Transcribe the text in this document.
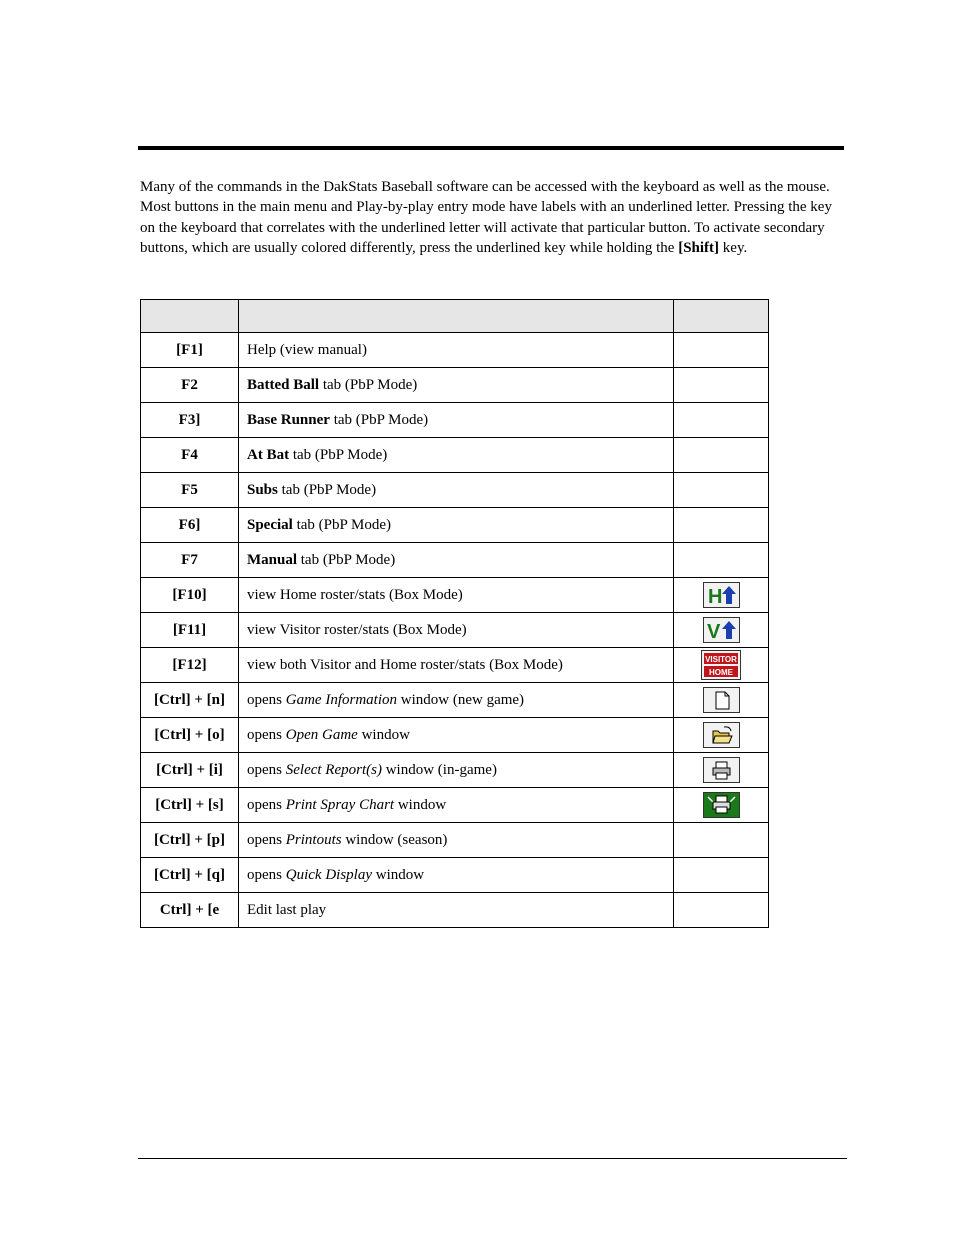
Many of the commands in the DakStats Baseball software can be accessed with the keyboard as well as the mouse. Most buttons in the main menu and Play-by-play entry mode have labels with an underlined letter. Pressing the key on the keyboard that correlates with the underlined letter will activate that particular button. To activate secondary buttons, which are usually colored differently, press the underlined key while holding the [Shift] key.

[F1]	Help (view manual)	
F2	Batted Ball tab (PbP Mode)	
F3]	Base Runner tab (PbP Mode)	
F4	At Bat tab (PbP Mode)	
F5	Subs tab (PbP Mode)	
F6]	Special tab (PbP Mode)	
F7	Manual tab (PbP Mode)	
[F10]	view Home roster/stats (Box Mode)	H

[F11]	view Visitor roster/stats (Box Mode)	V

[F12]	view both Visitor and Home roster/stats (Box Mode)	VISITOR
HOME

[Ctrl] + [n]	opens Game Information window (new game)	

[Ctrl] + [o]	opens Open Game window	

[Ctrl] + [i]	opens Select Report(s) window (in-game)	

[Ctrl] + [s]	opens Print Spray Chart window	

[Ctrl] + [p]	opens Printouts window (season)	
[Ctrl] + [q]	opens Quick Display window	
Ctrl] + [e	Edit last play	
